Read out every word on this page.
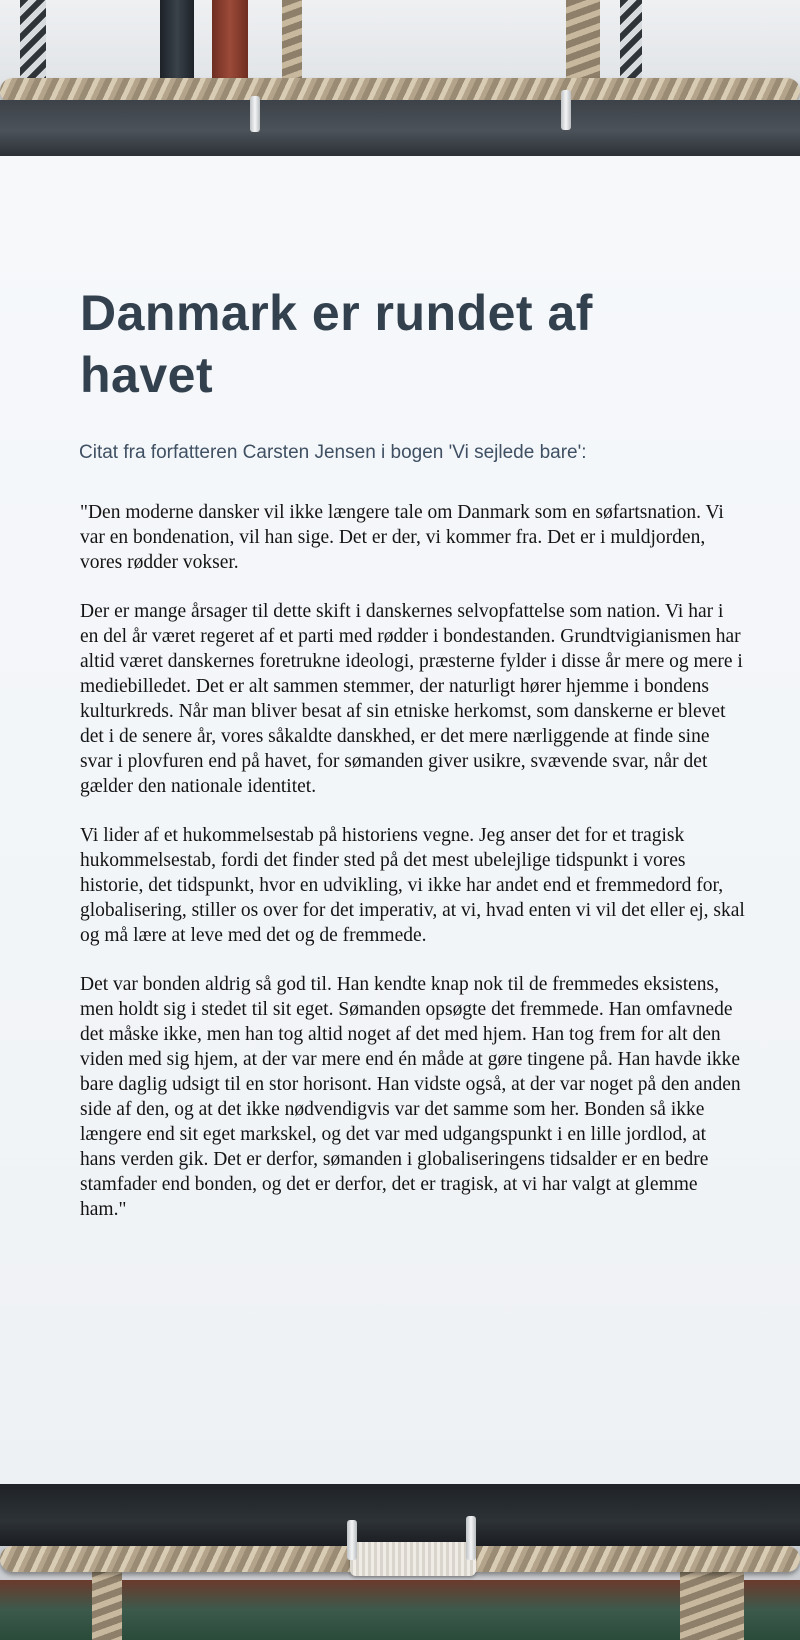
Danmark er rundet af havet

Citat fra forfatteren Carsten Jensen i bogen 'Vi sejlede bare':

"Den moderne dansker vil ikke længere tale om Danmark som en søfartsnation. Vi var en bondenation, vil han sige. Det er der, vi kommer fra. Det er i muldjorden, vores rødder vokser.

Der er mange årsager til dette skift i danskernes selvopfattelse som nation. Vi har i en del år været regeret af et parti med rødder i bondestanden. Grundtvigianismen har altid været danskernes foretrukne ideologi, præsterne fylder i disse år mere og mere i mediebilledet. Det er alt sammen stemmer, der naturligt hører hjemme i bondens kulturkreds. Når man bliver besat af sin etniske herkomst, som danskerne er blevet det i de senere år, vores såkaldte danskhed, er det mere nærliggende at finde sine svar i plovfuren end på havet, for sømanden giver usikre, svævende svar, når det gælder den nationale identitet.

Vi lider af et hukommelsestab på historiens vegne. Jeg anser det for et tragisk hukommelsestab, fordi det finder sted på det mest ubelejlige tidspunkt i vores historie, det tidspunkt, hvor en udvikling, vi ikke har andet end et fremmedord for, globalisering, stiller os over for det imperativ, at vi, hvad enten vi vil det eller ej, skal og må lære at leve med det og de fremmede.

Det var bonden aldrig så god til. Han kendte knap nok til de fremmedes eksistens, men holdt sig i stedet til sit eget. Sømanden opsøgte det fremmede. Han omfavnede det måske ikke, men han tog altid noget af det med hjem. Han tog frem for alt den viden med sig hjem, at der var mere end én måde at gøre tingene på. Han havde ikke bare daglig udsigt til en stor horisont. Han vidste også, at der var noget på den anden side af den, og at det ikke nødvendigvis var det samme som her. Bonden så ikke længere end sit eget markskel, og det var med udgangspunkt i en lille jordlod, at hans verden gik. Det er derfor, sømanden i globaliseringens tidsalder er en bedre stamfader end bonden, og det er derfor, det er tragisk, at vi har valgt at glemme ham."
